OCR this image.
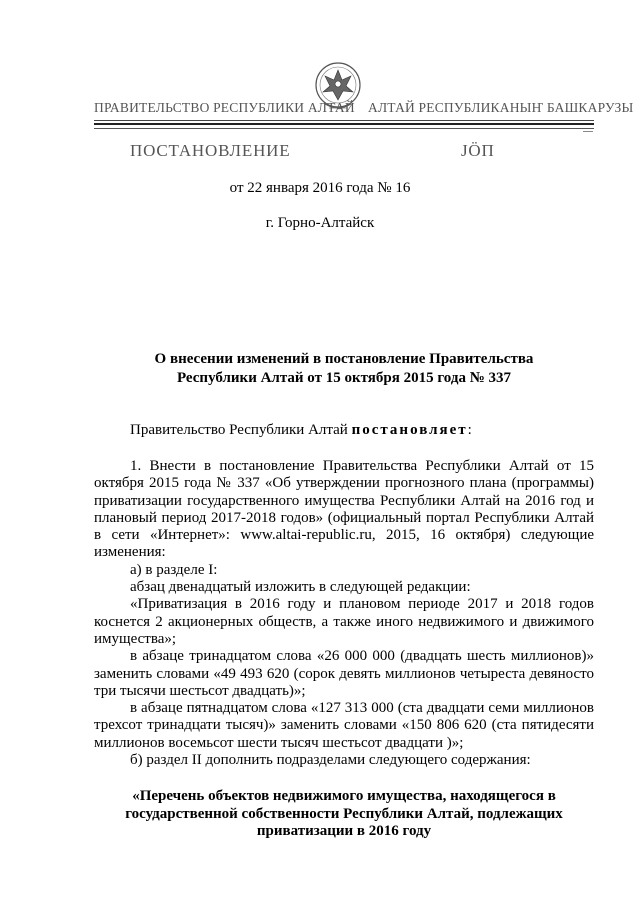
ПРАВИТЕЛЬСТВО РЕСПУБЛИКИ АЛТАЙ АЛТАЙ РЕСПУБЛИКАНЫҤ БАШКАРУЗЫ
ПОСТАНОВЛЕНИЕ	JӦП
от 22 января 2016 года № 16
г. Горно-Алтайск
О внесении изменений в постановление Правительства
Республики Алтай от 15 октября 2015 года № 337
Правительство Республики Алтай постановляет:

1. Внести в постановление Правительства Республики Алтай от 15

октября 2015 года № 337 «Об утверждении прогнозного плана (программы)

приватизации государственного имущества Республики Алтай на 2016 год и

плановый период 2017-2018 годов» (официальный портал Республики Алтай

в сети «Интернет»: www.altai-republic.ru, 2015, 16 октября) следующие

изменения:

а) в разделе I:

абзац двенадцатый изложить в следующей редакции:

«Приватизация в 2016 году и плановом периоде 2017 и 2018 годов

коснется 2 акционерных обществ, а также иного недвижимого и движимого

имущества»;

в абзаце тринадцатом слова «26 000 000 (двадцать шесть миллионов)»

заменить словами «49 493 620 (сорок девять миллионов четыреста девяносто

три тысячи шестьсот двадцать)»;

в абзаце пятнадцатом слова «127 313 000 (ста двадцати семи миллионов

трехсот тринадцати тысяч)» заменить словами «150 806 620 (ста пятидесяти

миллионов восемьсот шести тысяч шестьсот двадцати )»;

б) раздел II дополнить подразделами следующего содержания:

«Перечень объектов недвижимого имущества, находящегося в
государственной собственности Республики Алтай, подлежащих
приватизации в 2016 году
